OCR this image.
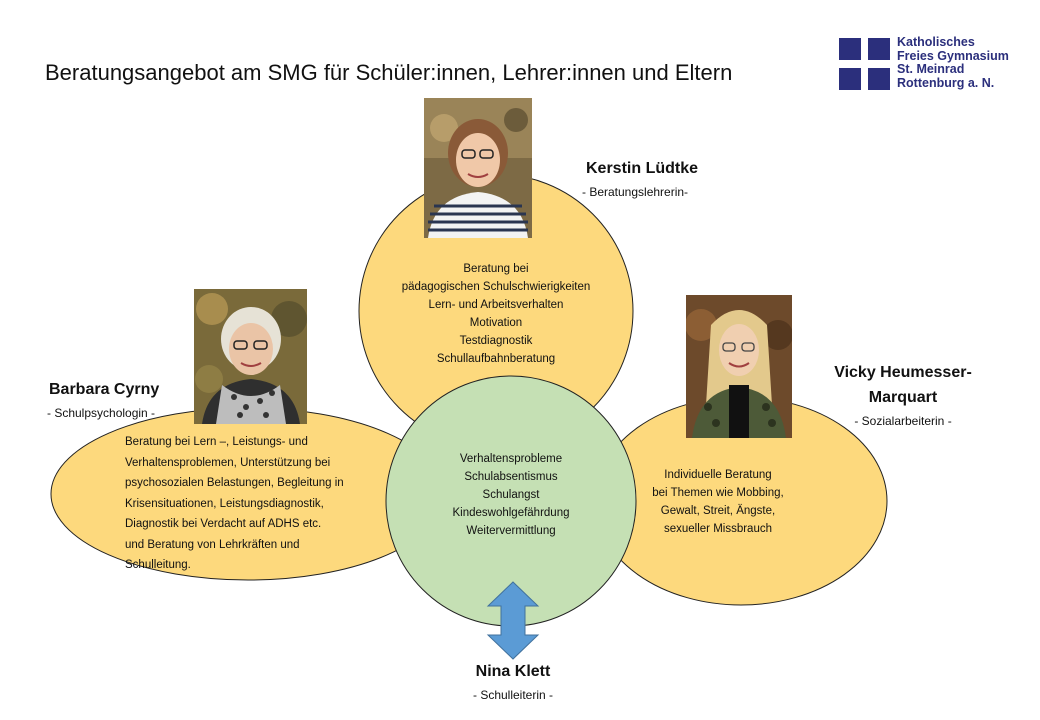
Beratungsangebot am SMG für Schüler:innen, Lehrer:innen und Eltern
Katholisches
Freies Gymnasium
St. Meinrad
Rottenburg a. N.
Kerstin Lüdtke
- Beratungslehrerin-
Barbara Cyrny
- Schulpsychologin -
Vicky Heumesser-
Marquart
- Sozialarbeiterin -
Nina Klett
- Schulleiterin -
Beratung bei
pädagogischen Schulschwierigkeiten
Lern- und Arbeitsverhalten
Motivation
Testdiagnostik
Schullaufbahnberatung
Beratung bei Lern –, Leistungs- und
Verhaltensproblemen, Unterstützung bei
psychosozialen Belastungen, Begleitung in
Krisensituationen, Leistungsdiagnostik,
Diagnostik bei Verdacht auf ADHS etc.
und Beratung von Lehrkräften und
Schulleitung.
Verhaltensprobleme
Schulabsentismus
Schulangst
Kindeswohlgefährdung
Weitervermittlung
Individuelle Beratung
bei Themen wie Mobbing,
Gewalt, Streit, Ängste,
sexueller Missbrauch
